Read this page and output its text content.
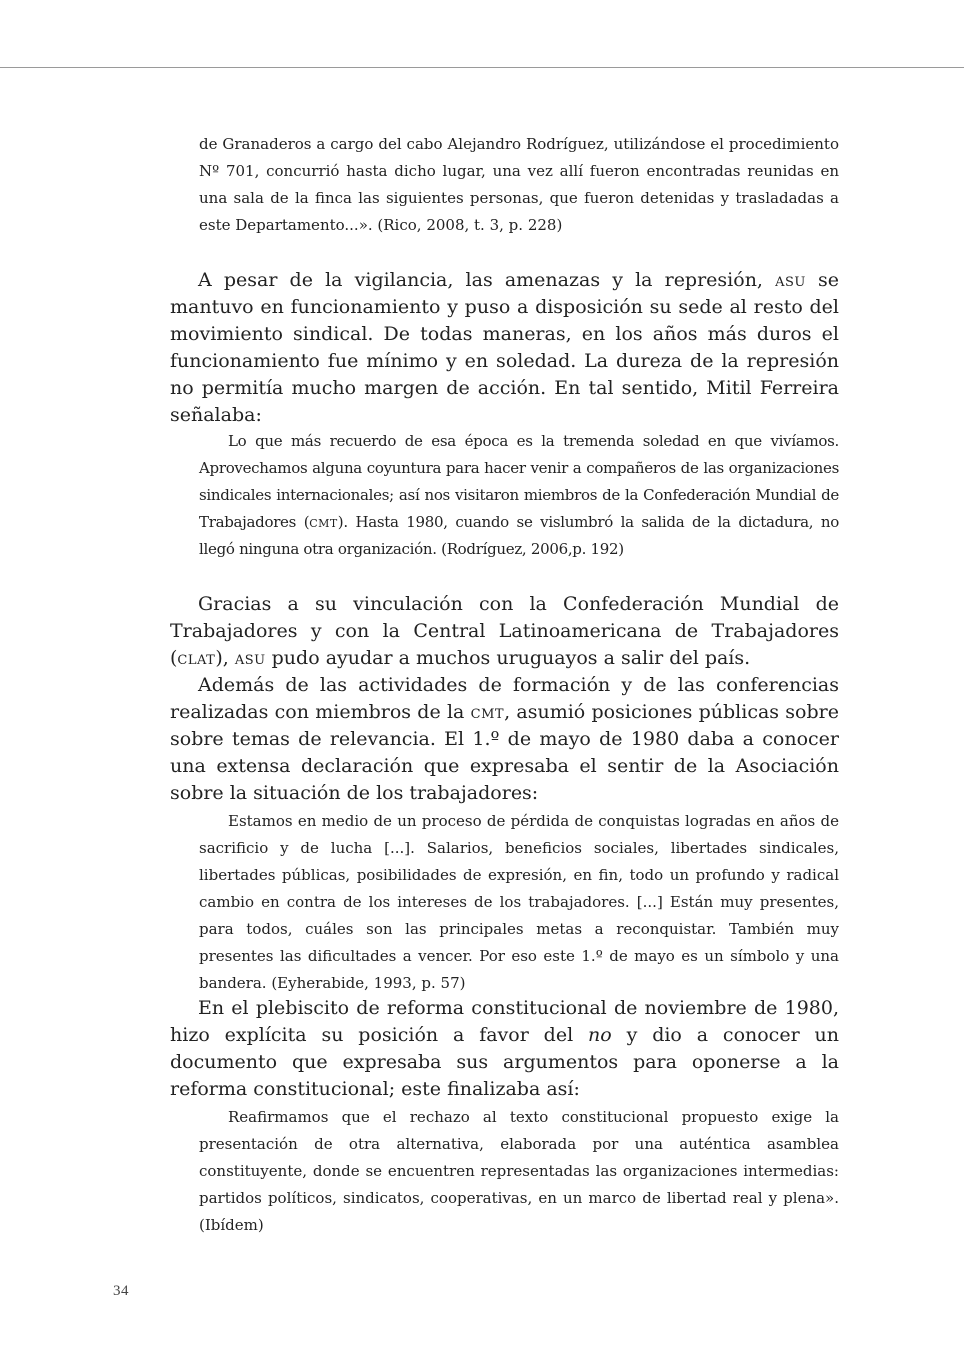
de Granaderos a cargo del cabo Alejandro Rodríguez, utilizándose el procedimiento Nº 701, concurrió hasta dicho lugar, una vez allí fueron encontradas reunidas en una sala de la finca las siguientes personas, que fueron detenidas y trasladadas a este Departamento...». (Rico, 2008, t. 3, p. 228)

A pesar de la vigilancia, las amenazas y la represión, asu se mantuvo en funcionamiento y puso a disposición su sede al resto del movimiento sindical. De todas maneras, en los años más duros el funcionamiento fue mínimo y en soledad. La dureza de la represión no permitía mucho margen de acción. En tal sentido, Mitil Ferreira señalaba:

Lo que más recuerdo de esa época es la tremenda soledad en que vivíamos. Aprovechamos alguna coyuntura para hacer venir a compañeros de las organizaciones sindicales internacionales; así nos visitaron miembros de la Confederación Mundial de Trabajadores (cmt). Hasta 1980, cuando se vislumbró la salida de la dictadura, no llegó ninguna otra organización. (Rodríguez, 2006,p. 192)

Gracias a su vinculación con la Confederación Mundial de Trabajadores y con la Central Latinoamericana de Trabajadores (clat), asu pudo ayudar a muchos uruguayos a salir del país.

Además de las actividades de formación y de las conferencias realizadas con miembros de la cmt, asumió posiciones públicas sobre sobre temas de relevancia. El 1.º de mayo de 1980 daba a conocer una extensa declaración que expresaba el sentir de la Asociación sobre la situación de los trabajadores:

Estamos en medio de un proceso de pérdida de conquistas logradas en años de sacrificio y de lucha [...]. Salarios, beneficios sociales, libertades sindicales, libertades públicas, posibilidades de expresión, en fin, todo un profundo y radical cambio en contra de los intereses de los trabajadores. [...] Están muy presentes, para todos, cuáles son las principales metas a reconquistar. También muy presentes las dificultades a vencer. Por eso este 1.º de mayo es un símbolo y una bandera. (Eyherabide, 1993, p. 57)

En el plebiscito de reforma constitucional de noviembre de 1980, hizo explícita su posición a favor del no y dio a conocer un documento que expresaba sus argumentos para oponerse a la reforma constitucional; este finalizaba así:

Reafirmamos que el rechazo al texto constitucional propuesto exige la presentación de otra alternativa, elaborada por una auténtica asamblea constituyente, donde se encuentren representadas las organizaciones intermedias: partidos políticos, sindicatos, cooperativas, en un marco de libertad real y plena».(Ibídem)

34
